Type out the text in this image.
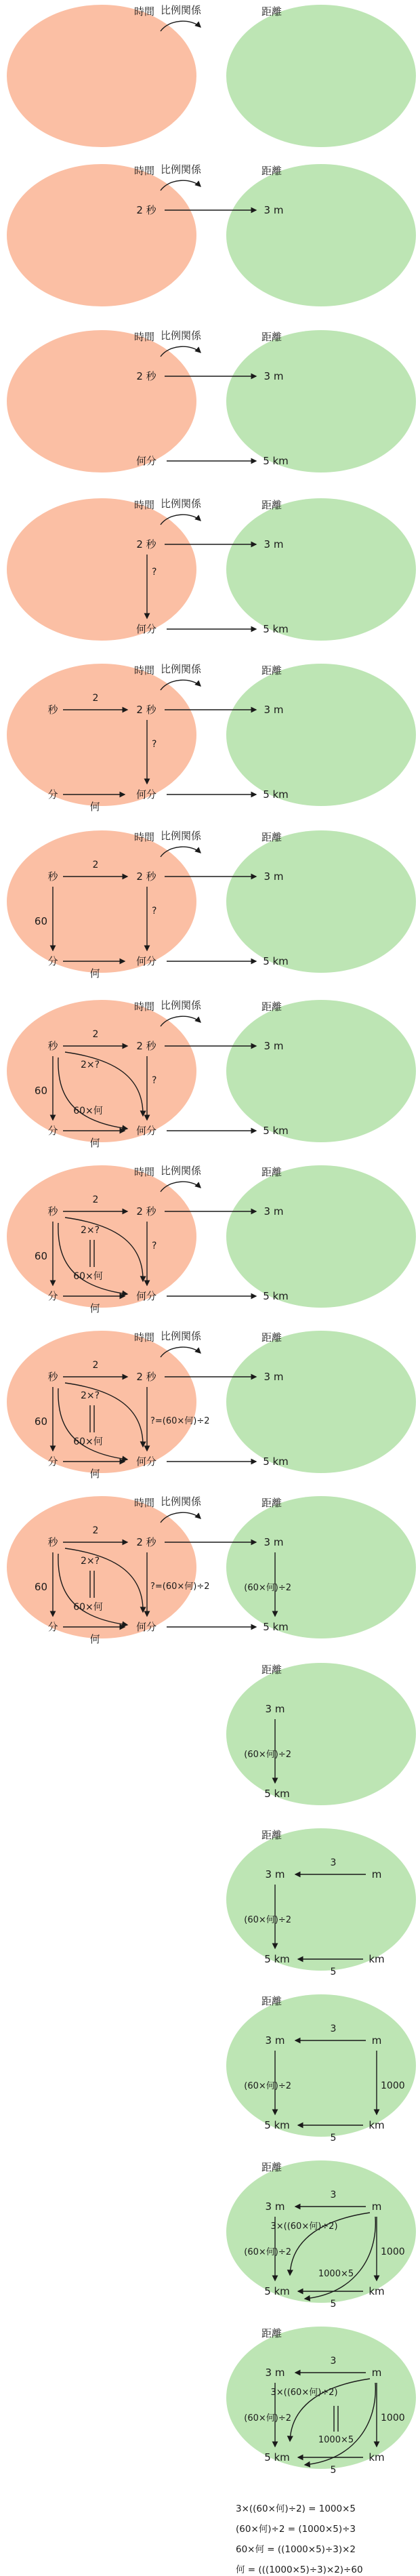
時間 比例関係	距離
時間 比例関係	距離
2 秒	3 m
時間 比例関係	距離
2 秒	3 m
何分	5 km
時間 比例関係	距離
2 秒	3 m
?
何分	5 km
時間 比例関係	距離
秒
2
2 秒	3 m
?
分
何
何分	5 km
時間 比例関係	距離
秒
2
2 秒	3 m
60
?
分
何
何分	5 km
時間 比例関係	距離
秒
2
2 秒	3 m
60
?
2×?
60×何
分
何
何分	5 km
時間 比例関係	距離
秒
2
2 秒	3 m
60
?
2×?
60×何
分
何
何分	5 km
時間 比例関係	距離
秒
2
2 秒	3 m
60	?=(60×何)÷2
2×?
60×何
分
何
何分	5 km
時間 比例関係	距離
秒
2
2 秒	3 m
60	?=(60×何)÷2
2×?
60×何
分
何
何分	5 km
(60×何)÷2
距離
3 m
(60×何)÷2
5 km
距離
3 m	m
3
(60×何)÷2
5 km	km
5
距離
3 m	m
3
(60×何)÷2	1000
5 km	km
5
距離
3 m	m
3
(60×何)÷2	1000
3×((60×何)÷2)
1000×5
5 km	km
5
距離
3 m	m
3
(60×何)÷2	1000
3×((60×何)÷2)
1000×5
5 km	km
5
3×((60×何)÷2) = 1000×5
(60×何)÷2 = (1000×5)÷3
60×何 = ((1000×5)÷3)×2
何 = (((1000×5)÷3)×2)÷60
